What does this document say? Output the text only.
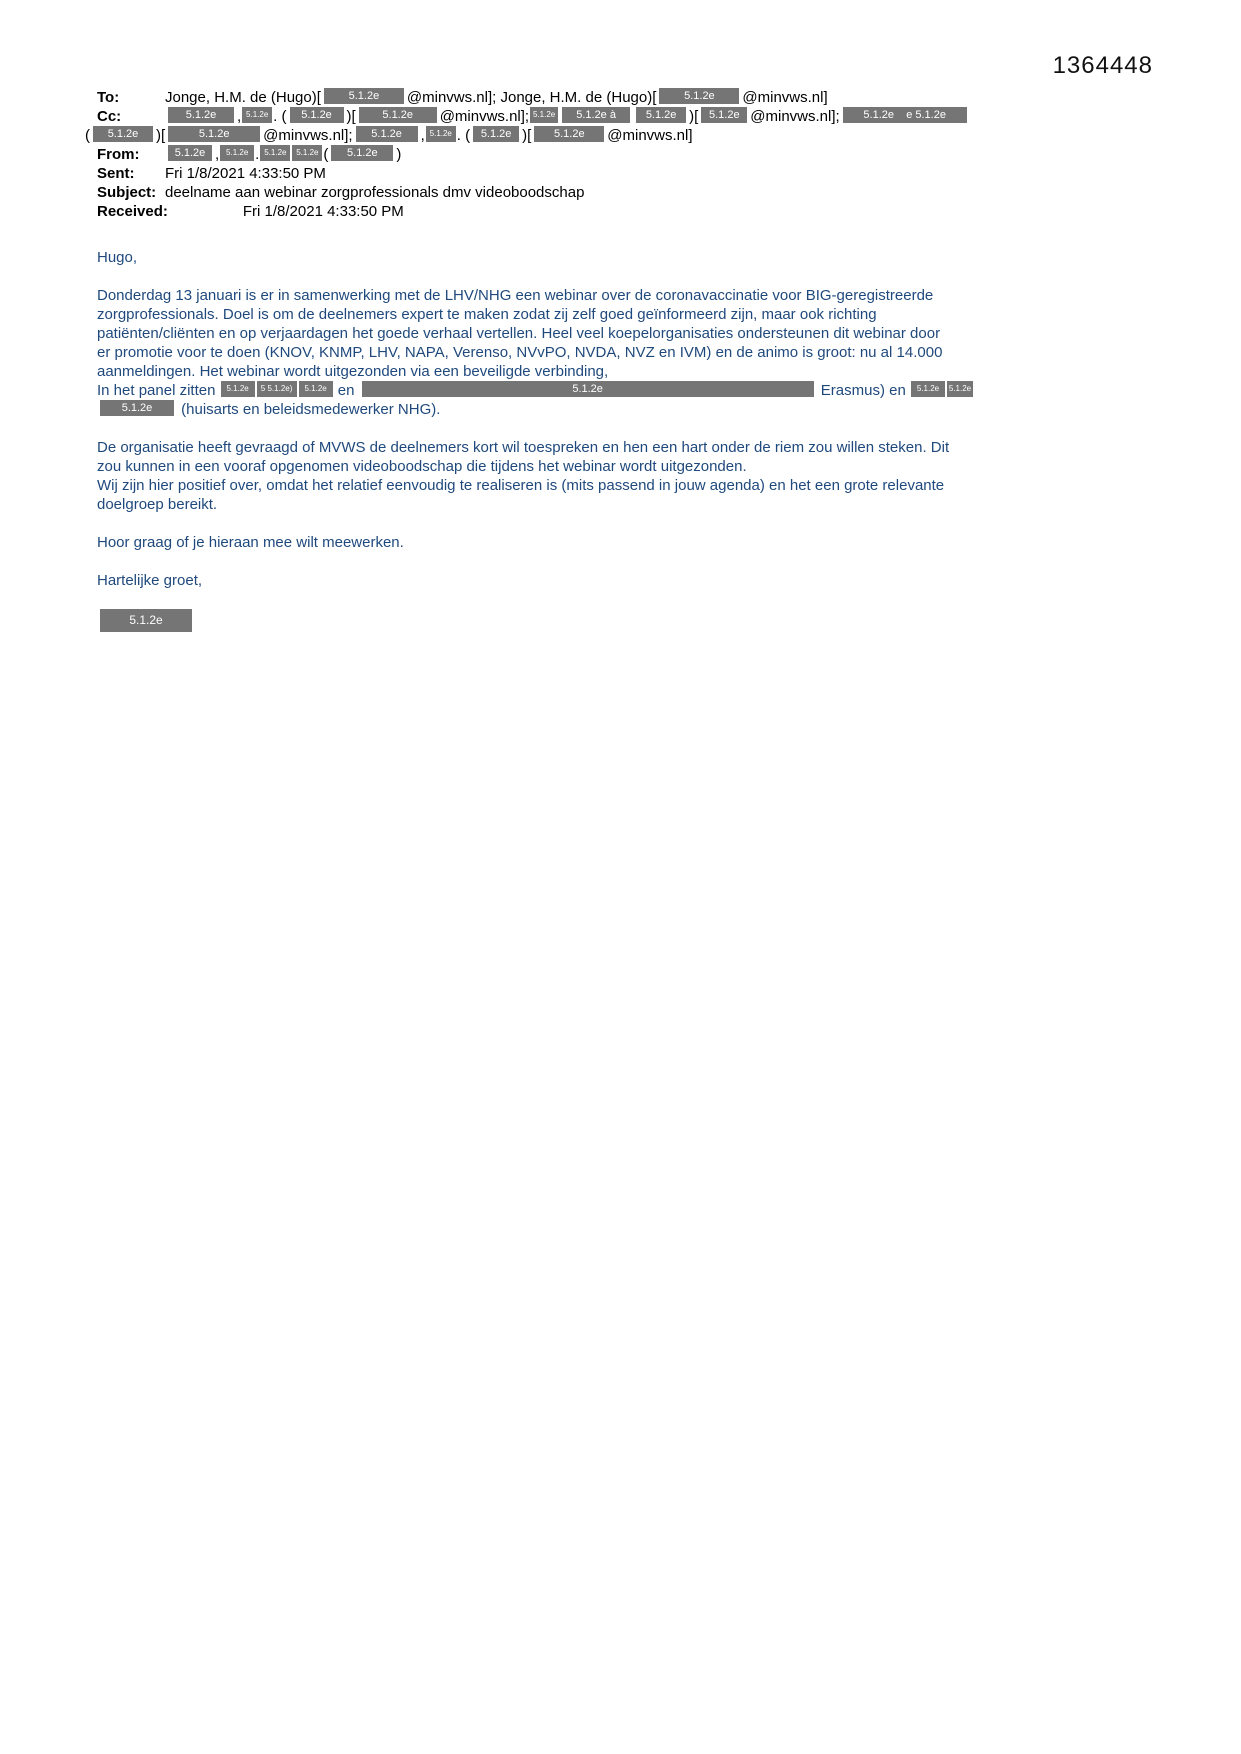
1364448
To:	Jonge, H.M. de (Hugo)[	5.1.2e @minvws.nl]; Jonge, H.M. de (Hugo)[	5.1.2e @minvws.nl]
Cc:	5.1.2e , 5.1.2e . ( 5.1.2e )[ 5.1.2e @minvws.nl]; 5.1.2e 5.1.2e à	5.1.2e )[ 5.1.2e @minvws.nl]; 5.1.2e    e 5.1.2e
( 5.1.2e )[	5.1.2e @minvws.nl]; 5.1.2e , 5.1.2e . ( 5.1.2e )[ 5.1.2e @minvws.nl]
From:	5.1.2e , 5.1.2e . 5.1.2e 5.1.2e ( 5.1.2e )
Sent:	Fri 1/8/2021 4:33:50 PM
Subject: deelname aan webinar zorgprofessionals dmv videoboodschap
Received:	Fri 1/8/2021 4:33:50 PM
Hugo,
Donderdag 13 januari is er in samenwerking met de LHV/NHG een webinar over de coronavaccinatie voor BIG-geregistreerde
zorgprofessionals. Doel is om de deelnemers expert te maken zodat zij zelf goed geïnformeerd zijn, maar ook richting
patiënten/cliënten en op verjaardagen het goede verhaal vertellen. Heel veel koepelorganisaties ondersteunen dit webinar door
er promotie voor te doen (KNOV, KNMP, LHV, NAPA, Verenso, NVvPO, NVDA, NVZ en IVM) en de animo is groot: nu al 14.000
aanmeldingen. Het webinar wordt uitgezonden via een beveiligde verbinding,
In het panel zitten 5.1.2e 5 5.1.2e) 5.1.2e en	5.1.2e	Erasmus) en 5.1.2e 5.1.2e
5.1.2e (huisarts en beleidsmedewerker NHG).
De organisatie heeft gevraagd of MVWS de deelnemers kort wil toespreken en hen een hart onder de riem zou willen steken. Dit
zou kunnen in een vooraf opgenomen videoboodschap die tijdens het webinar wordt uitgezonden.
Wij zijn hier positief over, omdat het relatief eenvoudig te realiseren is (mits passend in jouw agenda) en het een grote relevante
doelgroep bereikt.
Hoor graag of je hieraan mee wilt meewerken.
Hartelijke groet,
5.1.2e
